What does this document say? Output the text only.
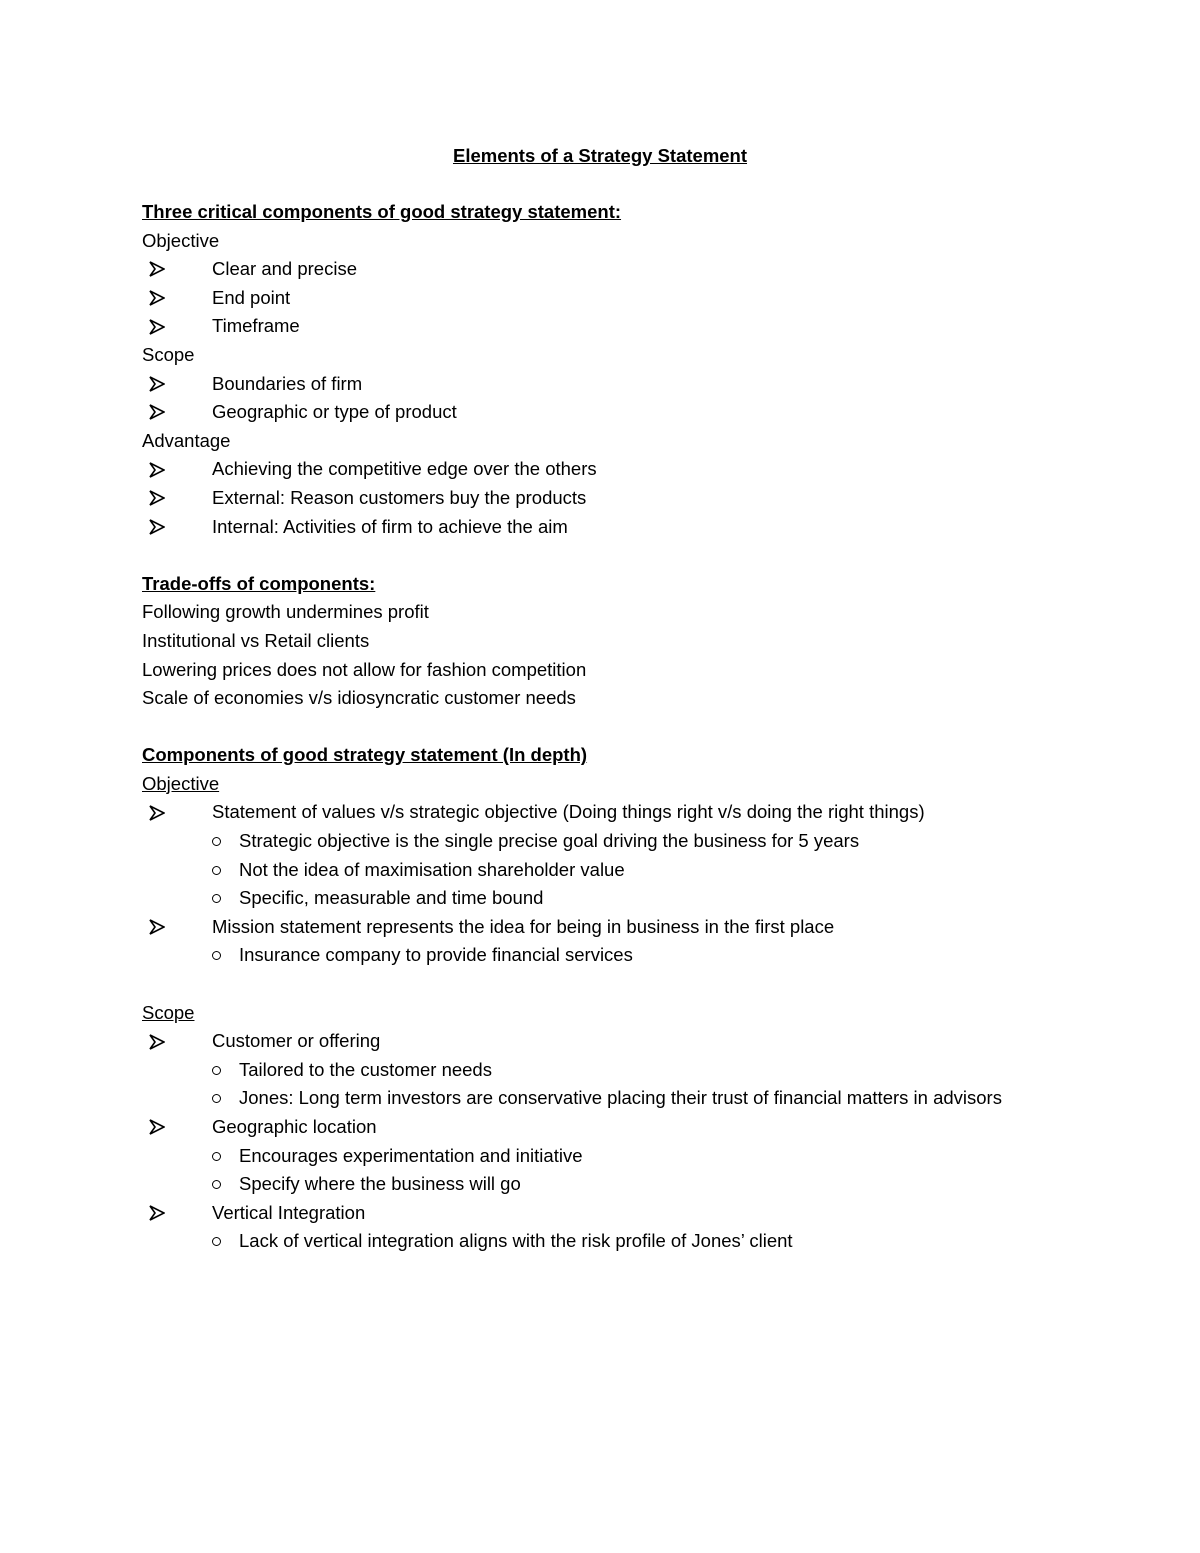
Elements of a Strategy Statement
Three critical components of good strategy statement:
Objective
Clear and precise
End point
Timeframe
Scope
Boundaries of firm
Geographic or type of product
Advantage
Achieving the competitive edge over the others
External: Reason customers buy the products
Internal: Activities of firm to achieve the aim
Trade-offs of components:
Following growth undermines profit
Institutional vs Retail clients
Lowering prices does not allow for fashion competition
Scale of economies v/s idiosyncratic customer needs
Components of good strategy statement (In depth)
Objective
Statement of values v/s strategic objective (Doing things right v/s doing the right things)
Strategic objective is the single precise goal driving the business for 5 years
Not the idea of maximisation shareholder value
Specific, measurable and time bound
Mission statement represents the idea for being in business in the first place
Insurance company to provide financial services
Scope
Customer or offering
Tailored to the customer needs
Jones: Long term investors are conservative placing their trust of financial matters in advisors
Geographic location
Encourages experimentation and initiative
Specify where the business will go
Vertical Integration
Lack of vertical integration aligns with the risk profile of Jones’ client
